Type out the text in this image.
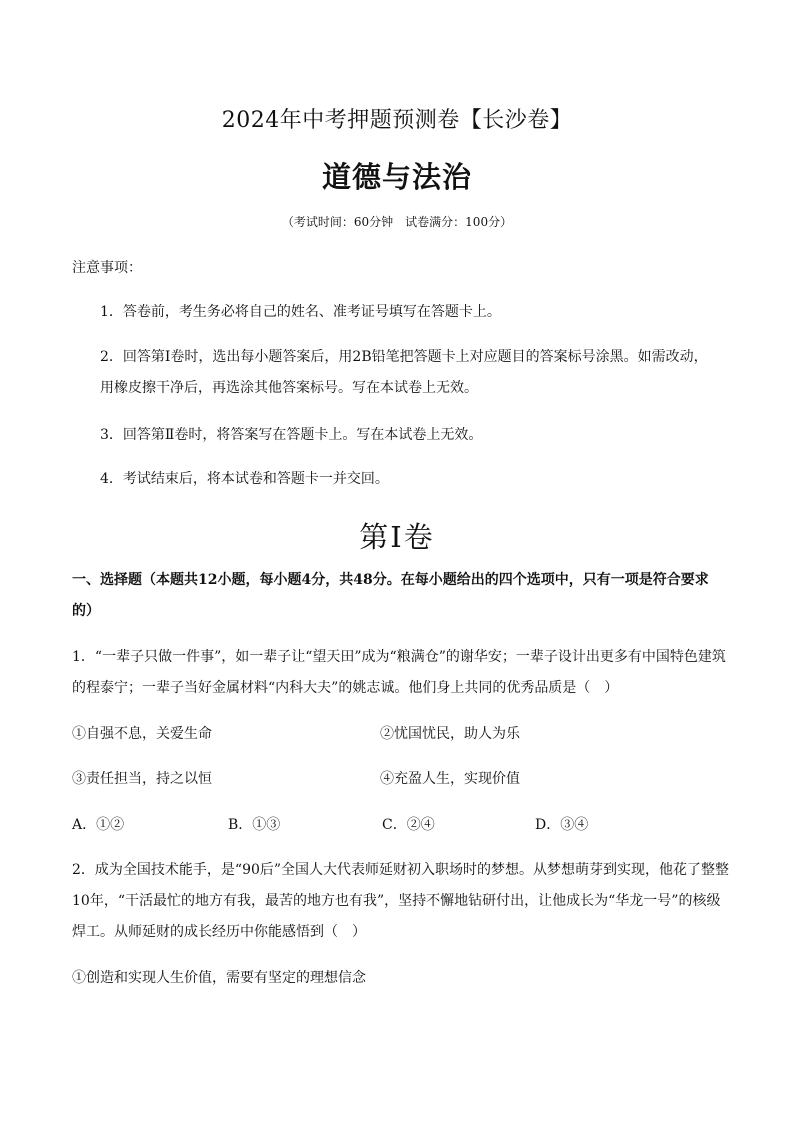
2024年中考押题预测卷【长沙卷】
道德与法治
（考试时间：60分钟　试卷满分：100分）
注意事项：
1．答卷前，考生务必将自己的姓名、准考证号填写在答题卡上。
2．回答第Ⅰ卷时，选出每小题答案后，用2B铅笔把答题卡上对应题目的答案标号涂黑。如需改动，
用橡皮擦干净后，再选涂其他答案标号。写在本试卷上无效。
3．回答第Ⅱ卷时，将答案写在答题卡上。写在本试卷上无效。
4．考试结束后，将本试卷和答题卡一并交回。
第Ⅰ卷
一、选择题（本题共12小题，每小题4分，共48分。在每小题给出的四个选项中，只有一项是符合要求
的）
1．“一辈子只做一件事”，如一辈子让“望天田”成为“粮满仓”的谢华安；一辈子设计出更多有中国特色建筑
的程泰宁；一辈子当好金属材料“内科大夫”的姚志诚。他们身上共同的优秀品质是（　）
①自强不息，关爱生命	②忧国忧民，助人为乐
③责任担当，持之以恒	④充盈人生，实现价值
A．①②	B．①③	C．②④	D．③④
2．成为全国技术能手，是“90后”全国人大代表师延财初入职场时的梦想。从梦想萌芽到实现，他花了整整
10年，“干活最忙的地方有我，最苦的地方也有我”，坚持不懈地钻研付出，让他成长为“华龙一号”的核级
焊工。从师延财的成长经历中你能感悟到（　）
①创造和实现人生价值，需要有坚定的理想信念
